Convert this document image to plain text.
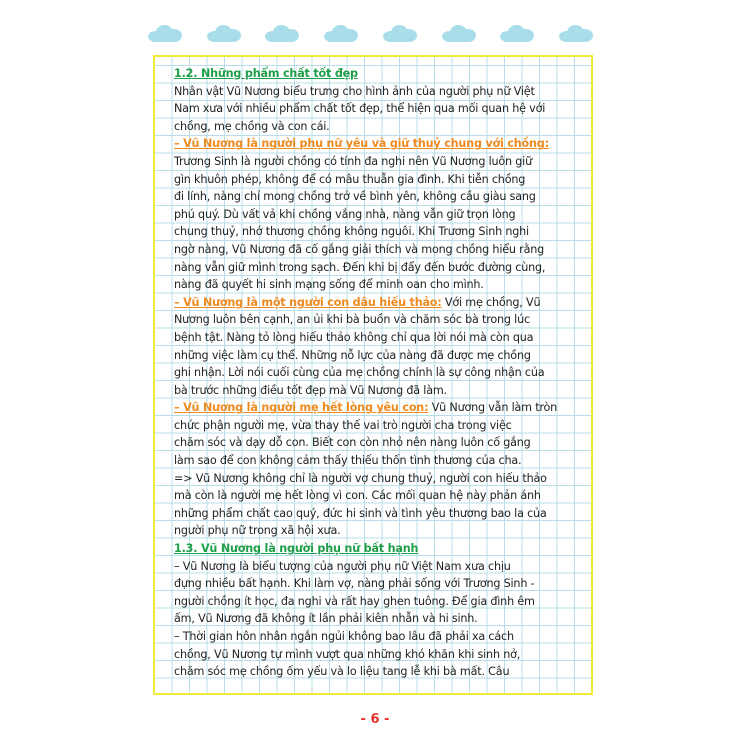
1.2. Những phẩm chất tốt đẹp
Nhân vật Vũ Nương biểu trưng cho hình ảnh của người phụ nữ Việt
Nam xưa với nhiều phẩm chất tốt đẹp, thể hiện qua mối quan hệ với
chồng, mẹ chồng và con cái.
– Vũ Nương là người phụ nữ yêu và giữ thuỷ chung với chồng:
Trương Sinh là người chồng có tính đa nghi nên Vũ Nương luôn giữ
gìn khuôn phép, không để có mâu thuẫn gia đình. Khi tiễn chồng
đi lính, nàng chỉ mong chồng trở về bình yên, không cầu giàu sang
phú quý. Dù vất vả khi chồng vắng nhà, nàng vẫn giữ trọn lòng
chung thuỷ, nhớ thương chồng không nguôi. Khi Trương Sinh nghi
ngờ nàng, Vũ Nương đã cố gắng giải thích và mong chồng hiểu rằng
nàng vẫn giữ mình trong sạch. Đến khi bị đẩy đến bước đường cùng,
nàng đã quyết hi sinh mạng sống để minh oan cho mình.
– Vũ Nương là một người con dâu hiếu thảo: Với mẹ chồng, Vũ
Nương luôn bên cạnh, an ủi khi bà buồn và chăm sóc bà trong lúc
bệnh tật. Nàng tỏ lòng hiếu thảo không chỉ qua lời nói mà còn qua
những việc làm cụ thể. Những nỗ lực của nàng đã được mẹ chồng
ghi nhận. Lời nói cuối cùng của mẹ chồng chính là sự công nhận của
bà trước những điều tốt đẹp mà Vũ Nương đã làm.
– Vũ Nương là người mẹ hết lòng yêu con: Vũ Nương vẫn làm tròn
chức phận người mẹ, vừa thay thế vai trò người cha trong việc
chăm sóc và dạy dỗ con. Biết con còn nhỏ nên nàng luôn cố gắng
làm sao để con không cảm thấy thiếu thốn tình thương của cha.
=> Vũ Nương không chỉ là người vợ chung thuỷ, người con hiếu thảo
mà còn là người mẹ hết lòng vì con. Các mối quan hệ này phản ánh
những phẩm chất cao quý, đức hi sinh và tình yêu thương bao la của
người phụ nữ trong xã hội xưa.
1.3. Vũ Nương là người phụ nữ bất hạnh
– Vũ Nương là biểu tượng của người phụ nữ Việt Nam xưa chịu
đựng nhiều bất hạnh. Khi làm vợ, nàng phải sống với Trương Sinh -
người chồng ít học, đa nghi và rất hay ghen tuông. Để gia đình êm
ấm, Vũ Nương đã không ít lần phải kiên nhẫn và hi sinh.
– Thời gian hôn nhân ngắn ngủi không bao lâu đã phải xa cách
chồng, Vũ Nương tự mình vượt qua những khó khăn khi sinh nở,
chăm sóc mẹ chồng ốm yếu và lo liệu tang lễ khi bà mất. Câu
- 6 -
